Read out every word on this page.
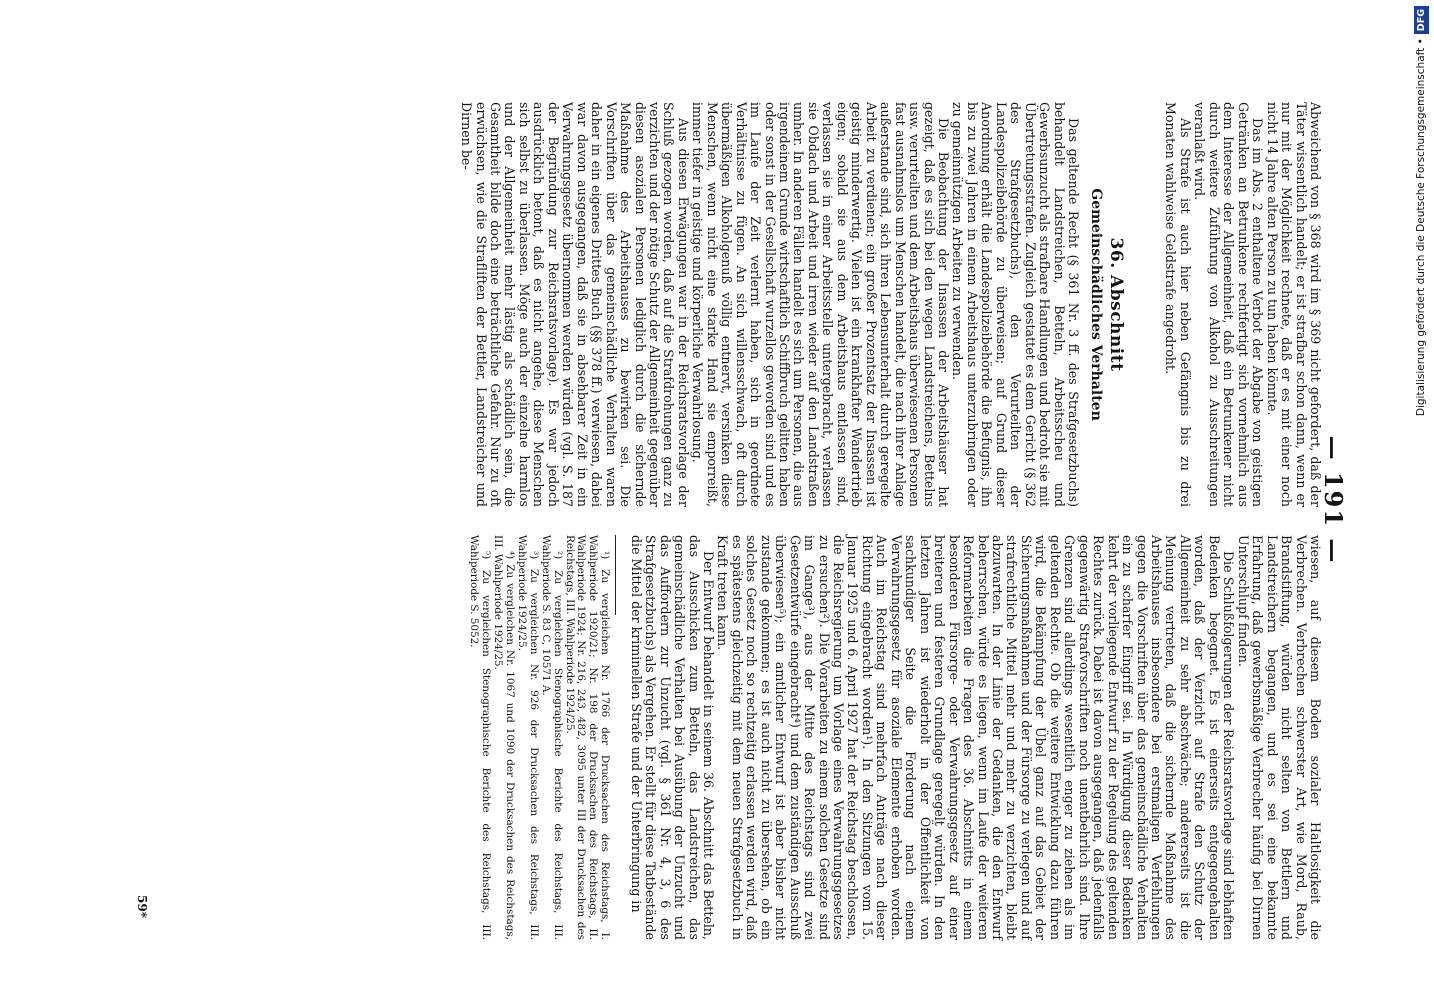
— 191 —

Abweichend von § 368 wird im § 369 nicht gefordert, daß der Täter wissentlich handelt; er ist strafbar schon dann, wenn er nur mit der Möglichkeit rechnete, daß er es mit einer noch nicht 14 Jahre alten Person zu tun haben könnte.

Das im Abs. 2 enthaltene Verbot der Abgabe von geistigen Getränken an Betrunkene rechtfertigt sich vornehmlich aus dem Interesse der Allgemeinheit, daß ein Betrunkener nicht durch weitere Zuführung von Alkohol zu Ausschreitungen veranlaßt wird.

Als Strafe ist auch hier neben Gefängnis bis zu drei Monaten wahlweise Geldstrafe angedroht.

36. Abschnitt
Gemeinschädliches Verhalten

Das geltende Recht (§ 361 Nr. 3 ff. des Strafgesetzbuchs) behandelt Landstreichen, Betteln, Arbeitsscheu und Gewerbsunzucht als strafbare Handlungen und bedroht sie mit Übertretungsstrafen. Zugleich gestattet es dem Gericht (§ 362 des Strafgesetzbuchs), den Verurteilten der Landespolizeibehörde zu überweisen; auf Grund dieser Anordnung erhält die Landespolizeibehörde die Befugnis, ihn bis zu zwei Jahren in einem Arbeitshaus unterzubringen oder zu gemeinnützigen Arbeiten zu verwenden.

Die Beobachtung der Insassen der Arbeitshäuser hat gezeigt, daß es sich bei den wegen Landstreichens, Bettelns usw. verurteilten und dem Arbeitshaus überwiesenen Personen fast ausnahmslos um Menschen handelt, die nach ihrer Anlage außerstande sind, sich ihren Lebensunterhalt durch geregelte Arbeit zu verdienen; ein großer Prozentsatz der Insassen ist geistig minderwertig. Vielen ist ein krankhafter Wandertrieb eigen; sobald sie aus dem Arbeitshaus entlassen sind, verlassen sie in einer Arbeitsstelle untergebracht, verlassen sie Obdach und Arbeit und irren wieder auf den Landstraßen umher. In anderen Fällen handelt es sich um Personen, die aus irgendeinem Grunde wirtschaftlich Schiffbruch gelitten haben oder sonst in der Gesellschaft wurzellos geworden sind und es im Laufe der Zeit verlernt haben, sich in geordnete Verhältnisse zu fügen. An sich willensschwach, oft durch übermäßigen Alkoholgenuß völlig entnervt, versinken diese Menschen, wenn nicht eine starke Hand sie emporreißt, immer tiefer in geistige und körperliche Verwahrlosung.

Aus diesen Erwägungen war in der Reichsratsvorlage der Schluß gezogen worden, daß auf die Strafdrohungen ganz zu verzichten und der nötige Schutz der Allgemeinheit gegenüber diesen asozialen Personen lediglich durch die sichernde Maßnahme des Arbeitshauses zu bewirken sei. Die Vorschriften über das gemeinschädliche Verhalten waren daher in ein eigenes Drittes Buch (§§ 378 ff.) verwiesen, dabei war davon ausgegangen, daß sie in absehbarer Zeit in ein Verwahrungsgesetz übernommen werden würden (vgl. S. 187 der Begründung zur Reichsratsvorlage). Es war jedoch ausdrücklich betont, daß es nicht angehe, diese Menschen sich selbst zu überlassen. Möge auch der einzelne harmlos und der Allgemeinheit mehr lästig als schädlich sein, die Gesamtheit bilde doch eine beträchtliche Gefahr. Nur zu oft erwüchsen, wie die Strafliften der Bettler, Landstreicher und Dirnen be-

wiesen, auf diesem Boden sozialer Haltlosigkeit die Verbrechen. Verbrechen schwerster Art, wie Mord, Raub, Brandstiftung, würden nicht selten von Bettlern und Landstreichern begangen, und es sei eine bekannte Erfahrung, daß gewerbsmäßige Verbrecher häufig bei Dirnen Unterschlupf finden.

Die Schlußfolgerungen der Reichsratsvorlage sind lebhaften Bedenken begegnet. Es ist einerseits entgegengehalten worden, daß der Verzicht auf Strafe den Schutz der Allgemeinheit zu sehr abschwäche; andererseits ist die Meinung vertreten, daß die sichernde Maßnahme des Arbeitshauses insbesondere bei erstmaligen Verfehlungen gegen die Vorschriften über das gemeinschädliche Verhalten ein zu scharfer Eingriff sei. In Würdigung dieser Bedenken kehrt der vorliegende Entwurf zu der Regelung des geltenden Rechtes zurück. Dabei ist davon ausgegangen, daß jedenfalls gegenwärtig Strafvorschriften noch unentbehrlich sind. Ihre Grenzen sind allerdings wesentlich enger zu ziehen als im geltenden Rechte. Ob die weitere Entwicklung dazu führen wird, die Bekämpfung der Übel ganz auf das Gebiet der Sicherungsmaßnahmen und der Fürsorge zu verlegen und auf strafrechtliche Mittel mehr und mehr zu verzichten, bleibt abzuwarten. In der Linie der Gedanken, die den Entwurf beherrschen, würde es liegen, wenn im Laufe der weiteren Reformarbeiten die Fragen des 36. Abschnitts in einem besonderen Fürsorge- oder Verwahrungsgesetz auf einer breiteren und festeren Grundlage geregelt würden. In den letzten Jahren ist wiederholt in der Öffentlichkeit von sachkundiger Seite die Forderung nach einem Verwahrungsgesetz für asoziale Elemente erhoben worden. Auch im Reichstag sind mehrfach Anträge nach dieser Richtung eingebracht worden¹). In den Sitzungen vom 15. Januar 1925 und 6. April 1927 hat der Reichstag beschlossen, die Reichsregierung um Vorlage eines Verwahrungsgesetzes zu ersuchen²). Die Vorarbeiten zu einem solchen Gesetze sind im Gange³), aus der Mitte des Reichstags sind zwei Gesetzentwürfe eingebracht⁴) und dem zuständigen Ausschuß überwiesen⁵); ein amtlicher Entwurf ist aber bisher nicht zustande gekommen; es ist auch nicht zu übersehen, ob ein solches Gesetz noch so rechtzeitig erlassen werden wird, daß es spätestens gleichzeitig mit dem neuen Strafgesetzbuch in Kraft treten kann.

Der Entwurf behandelt in seinem 36. Abschnitt das Betteln, das Ausschicken zum Betteln, das Landstreichen, das gemeinschädliche Verhalten bei Ausübung der Unzucht und das Auffordern zur Unzucht (vgl. § 361 Nr. 4, 3, 6 des Strafgesetzbuchs) als Vergehen. Er stellt für diese Tatbestände die Mittel der kriminellen Strafe und der Unterbringung in

¹) Zu vergleichen Nr. 1766 der Drucksachen des Reichstags, I. Wahlperiode 1920/21; Nr. 198 der Drucksachen des Reichstags, II. Wahlperiode 1924; Nr. 216, 243, 482, 3095 unter III der Drucksachen des Reichstags, III. Wahlperiode 1924/25.

²) Zu vergleichen Stenographische Berichte des Reichstags, III. Wahlperiode S. 83 C, 10571 A.

³) Zu vergleichen Nr. 926 der Drucksachen des Reichstags, III. Wahlperiode 1924/25.

⁴) Zu vergleichen Nr. 1067 und 1090 der Drucksachen des Reichstags, III. Wahlperiode 1924/25.

⁵) Zu vergleichen Stenographische Berichte des Reichstags, III. Wahlperiode S. 5052.

59*
Digitalisierung gefördert durch die Deutsche Forschungsgemeinschaft •DFG
